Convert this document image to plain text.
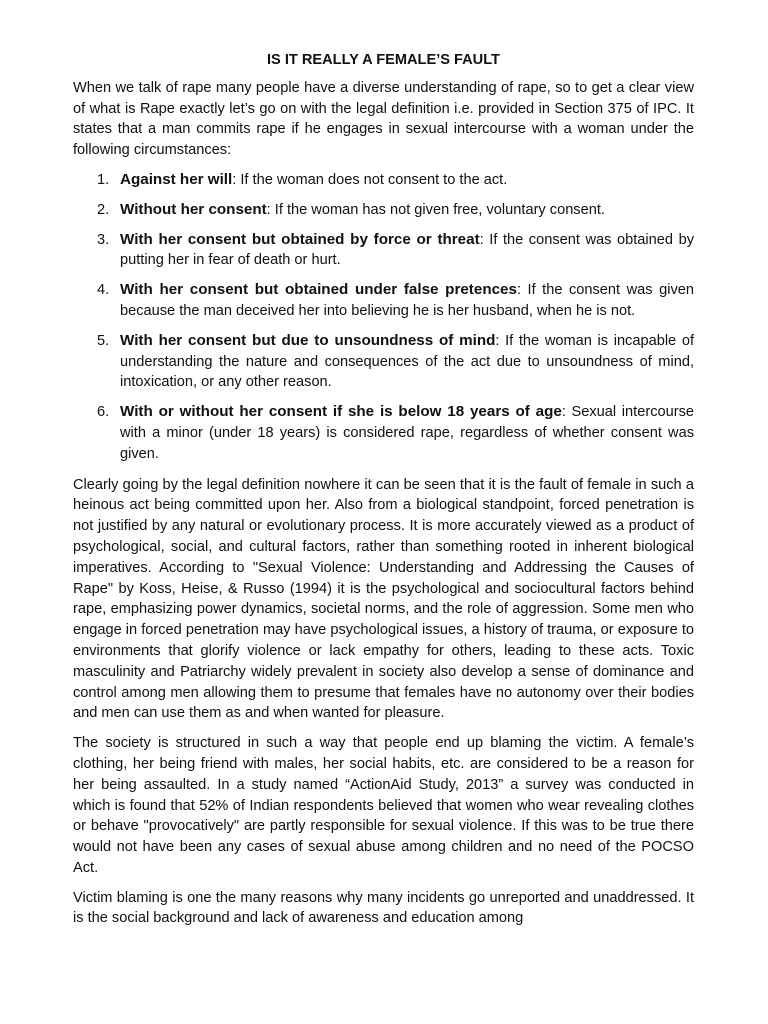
IS IT REALLY A FEMALE’S FAULT

When we talk of rape many people have a diverse understanding of rape, so to get a clear view of what is Rape exactly let’s go on with the legal definition i.e. provided in Section 375 of IPC. It states that a man commits rape if he engages in sexual intercourse with a woman under the following circumstances:

1. Against her will: If the woman does not consent to the act.
2. Without her consent: If the woman has not given free, voluntary consent.
3. With her consent but obtained by force or threat: If the consent was obtained by putting her in fear of death or hurt.
4. With her consent but obtained under false pretences: If the consent was given because the man deceived her into believing he is her husband, when he is not.
5. With her consent but due to unsoundness of mind: If the woman is incapable of understanding the nature and consequences of the act due to unsoundness of mind, intoxication, or any other reason.
6. With or without her consent if she is below 18 years of age: Sexual intercourse with a minor (under 18 years) is considered rape, regardless of whether consent was given.

Clearly going by the legal definition nowhere it can be seen that it is the fault of female in such a heinous act being committed upon her. Also from a biological standpoint, forced penetration is not justified by any natural or evolutionary process. It is more accurately viewed as a product of psychological, social, and cultural factors, rather than something rooted in inherent biological imperatives. According to "Sexual Violence: Understanding and Addressing the Causes of Rape" by Koss, Heise, & Russo (1994) it is the psychological and sociocultural factors behind rape, emphasizing power dynamics, societal norms, and the role of aggression. Some men who engage in forced penetration may have psychological issues, a history of trauma, or exposure to environments that glorify violence or lack empathy for others, leading to these acts. Toxic masculinity and Patriarchy widely prevalent in society also develop a sense of dominance and control among men allowing them to presume that females have no autonomy over their bodies and men can use them as and when wanted for pleasure.

The society is structured in such a way that people end up blaming the victim. A female’s clothing, her being friend with males, her social habits, etc. are considered to be a reason for her being assaulted. In a study named “ActionAid Study, 2013” a survey was conducted in which is found that 52% of Indian respondents believed that women who wear revealing clothes or behave "provocatively" are partly responsible for sexual violence. If this was to be true there would not have been any cases of sexual abuse among children and no need of the POCSO Act.

Victim blaming is one the many reasons why many incidents go unreported and unaddressed. It is the social background and lack of awareness and education among
